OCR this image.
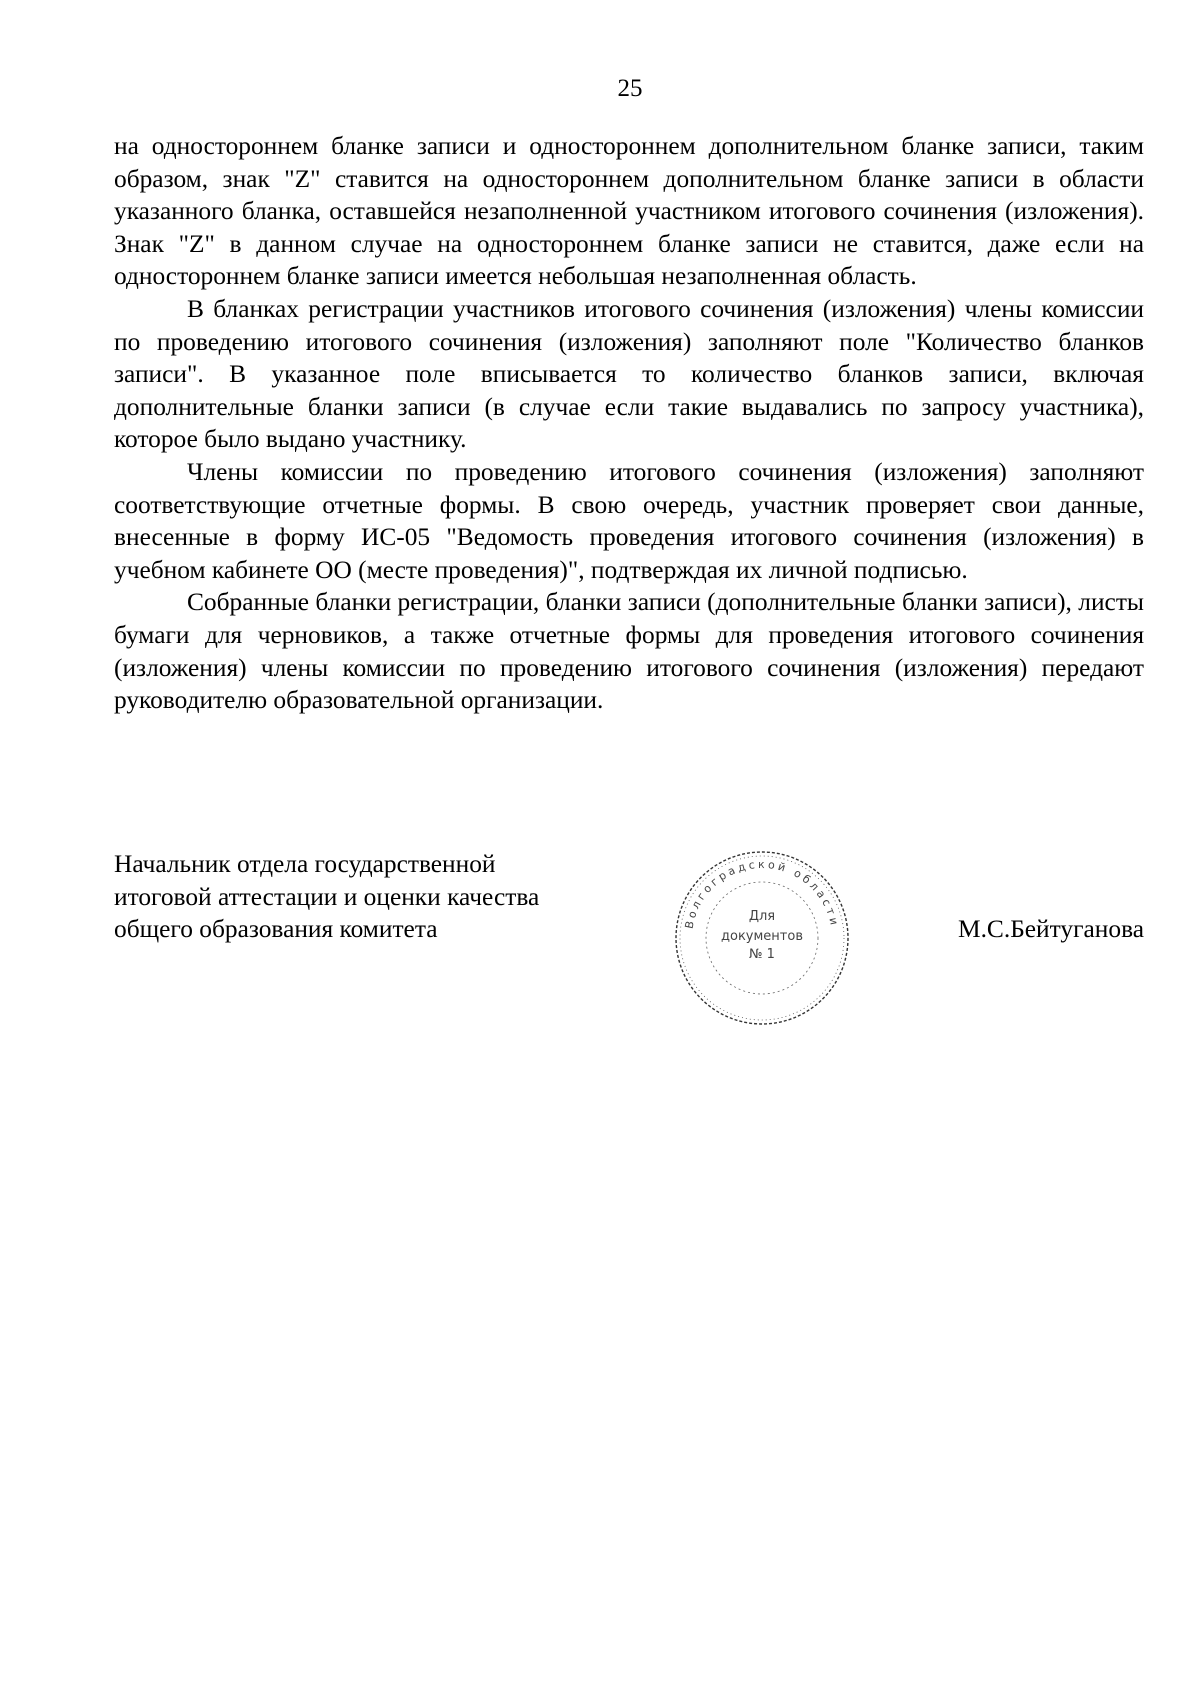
25

на одностороннем бланке записи и одностороннем дополнительном бланке записи, таким образом, знак "Z" ставится на одностороннем дополнительном бланке записи в области указанного бланка, оставшейся незаполненной участником итогового сочинения (изложения). Знак "Z" в данном случае на одностороннем бланке записи не ставится, даже если на одностороннем бланке записи имеется небольшая незаполненная область.

В бланках регистрации участников итогового сочинения (изложения) члены комиссии по проведению итогового сочинения (изложения) заполняют поле "Количество бланков записи". В указанное поле вписывается то количество бланков записи, включая дополнительные бланки записи (в случае если такие выдавались по запросу участника), которое было выдано участнику.

Члены комиссии по проведению итогового сочинения (изложения) заполняют соответствующие отчетные формы. В свою очередь, участник проверяет свои данные, внесенные в форму ИС-05 "Ведомость проведения итогового сочинения (изложения) в учебном кабинете ОО (месте проведения)", подтверждая их личной подписью.

Собранные бланки регистрации, бланки записи (дополнительные бланки записи), листы бумаги для черновиков, а также отчетные формы для проведения итогового сочинения (изложения) члены комиссии по проведению итогового сочинения (изложения) передают руководителю образовательной организации.

Начальник отдела государственной
итоговой аттестации и оценки качества
общего образования комитета	Волгоградской области
Для
документов
№ 1
М.С.Бейтуганова
